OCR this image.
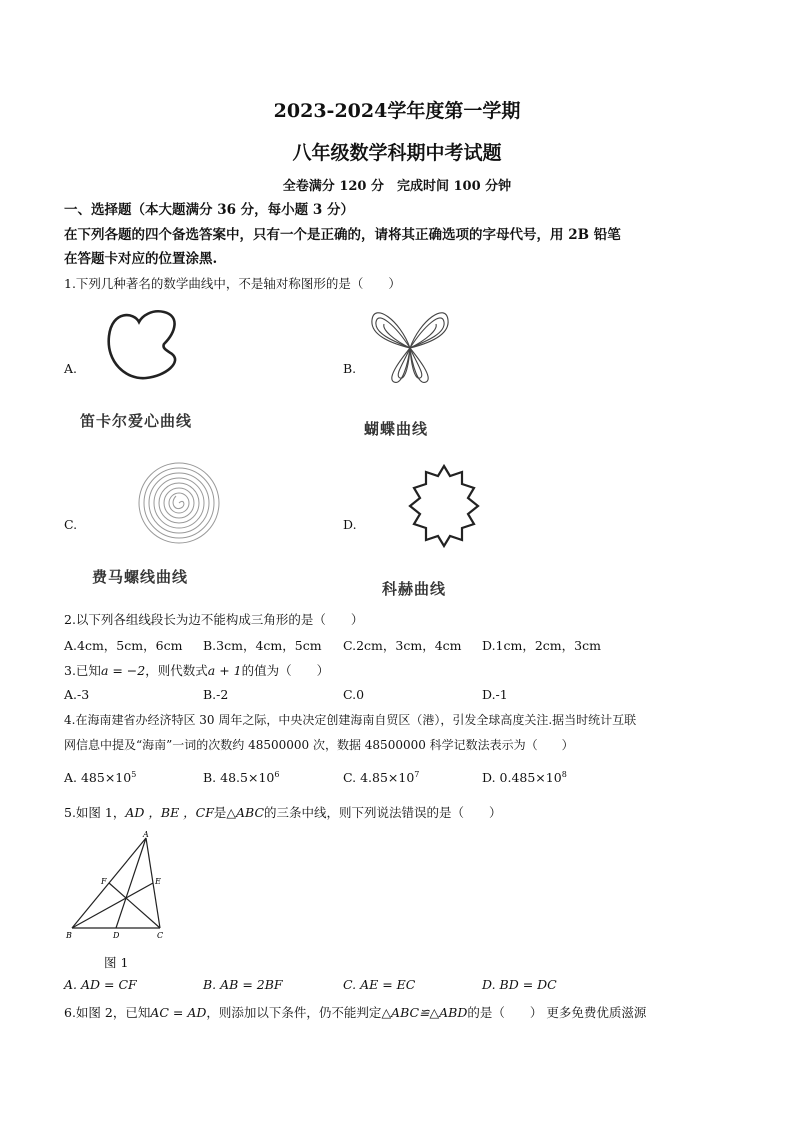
2023-2024学年度第一学期
八年级数学科期中考试题
全卷满分 120 分　完成时间 100 分钟
一、选择题（本大题满分 36 分，每小题 3 分）
在下列各题的四个备选答案中，只有一个是正确的，请将其正确选项的字母代号，用 2B 铅笔
在答题卡对应的位置涂黑.
1.下列几种著名的数学曲线中，不是轴对称图形的是（　　）
A.
笛卡尔爱心曲线
B.
蝴蝶曲线
C.
费马螺线曲线
D.
科赫曲线
2.以下列各组线段长为边不能构成三角形的是（　　）
A.4cm，5cm，6cm B.3cm，4cm，5cm C.2cm，3cm，4cm D.1cm，2cm，3cm
3.已知a = −2，则代数式a + 1的值为（　　）
A.-3	B.-2	C.0	D.-1
4.在海南建省办经济特区 30 周年之际，中央决定创建海南自贸区（港），引发全球高度关注.据当时统计互联
网信息中提及“海南”一词的次数约 48500000 次，数据 48500000 科学记数法表示为（　　）
A. $485\times 10^5$	B. $48.5\times 10^6$	C. $4.85\times 10^7$	D. $0.485\times 10^8$
5.如图 1，AD ，BE ，CF是△ABC的三条中线，则下列说法错误的是（　　）
A
B	C
D
E
F
图 1
A. AD = CF	B. AB = 2BF	C. AE = EC	D. BD = DC
6.如图 2，已知AC = AD，则添加以下条件，仍不能判定△ABC≌△ABD的是（　　） 更多免费优质滋源
